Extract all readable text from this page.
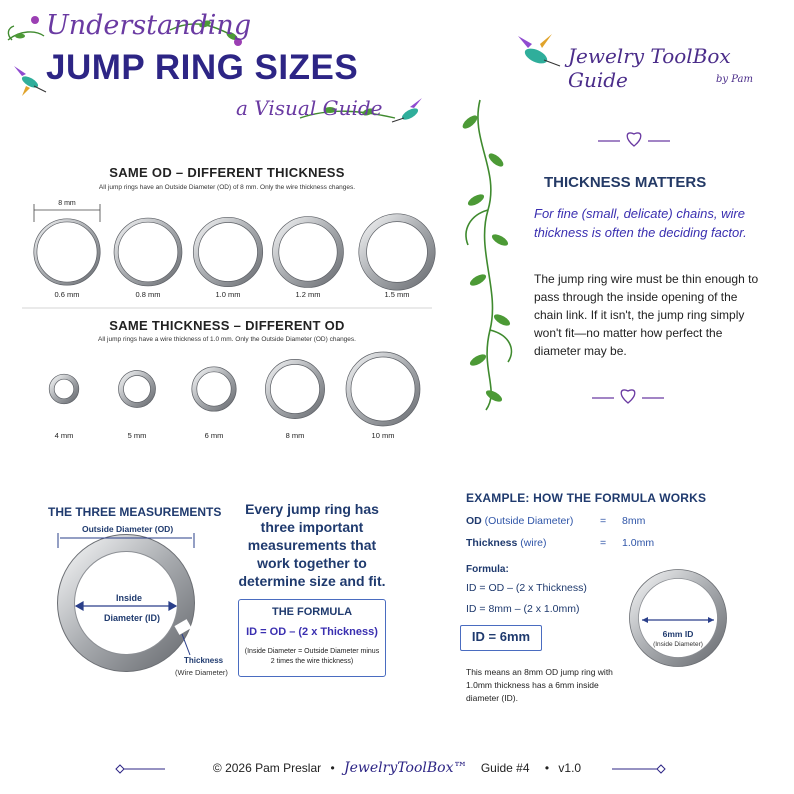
Understanding
JUMP RING SIZES
a Visual Guide
Jewelry ToolBox Guide	by Pam
SAME OD – DIFFERENT THICKNESS
All jump rings have an Outside Diameter (OD) of 8 mm. Only the wire thickness changes.
8 mm
SAME THICKNESS – DIFFERENT OD
All jump rings have a wire thickness of 1.0 mm. Only the Outside Diameter (OD) changes.
THICKNESS MATTERS
For fine (small, delicate) chains, wire thickness is often the deciding factor.
The jump ring wire must be thin enough to pass through the inside opening of the chain link. If it isn't, the jump ring simply won't fit—no matter how perfect the diameter may be.
THE THREE MEASUREMENTS
Outside Diameter (OD)
Inside
Diameter (ID)
Thickness
(Wire Diameter)
Every jump ring has three important measurements that work together to determine size and fit.
THE FORMULA
ID = OD – (2 x Thickness)
(Inside Diameter = Outside Diameter minus 2 times the wire thickness)
EXAMPLE: HOW THE FORMULA WORKS
OD (Outside Diameter)	= 8mm
Thickness (wire)	= 1.0mm
Formula:
ID = OD – (2 x Thickness)
ID = 8mm – (2 x 1.0mm)
ID = 6mm
This means an 8mm OD jump ring with 1.0mm thickness has a 6mm inside diameter (ID).
6mm ID
(Inside Diameter)
© 2026 Pam Preslar • JewelryToolBox™ Guide #4 • v1.0
0.6 mm	0.8 mm	1.0 mm	1.2 mm	1.5 mm
4 mm	5 mm	6 mm	8 mm	10 mm
